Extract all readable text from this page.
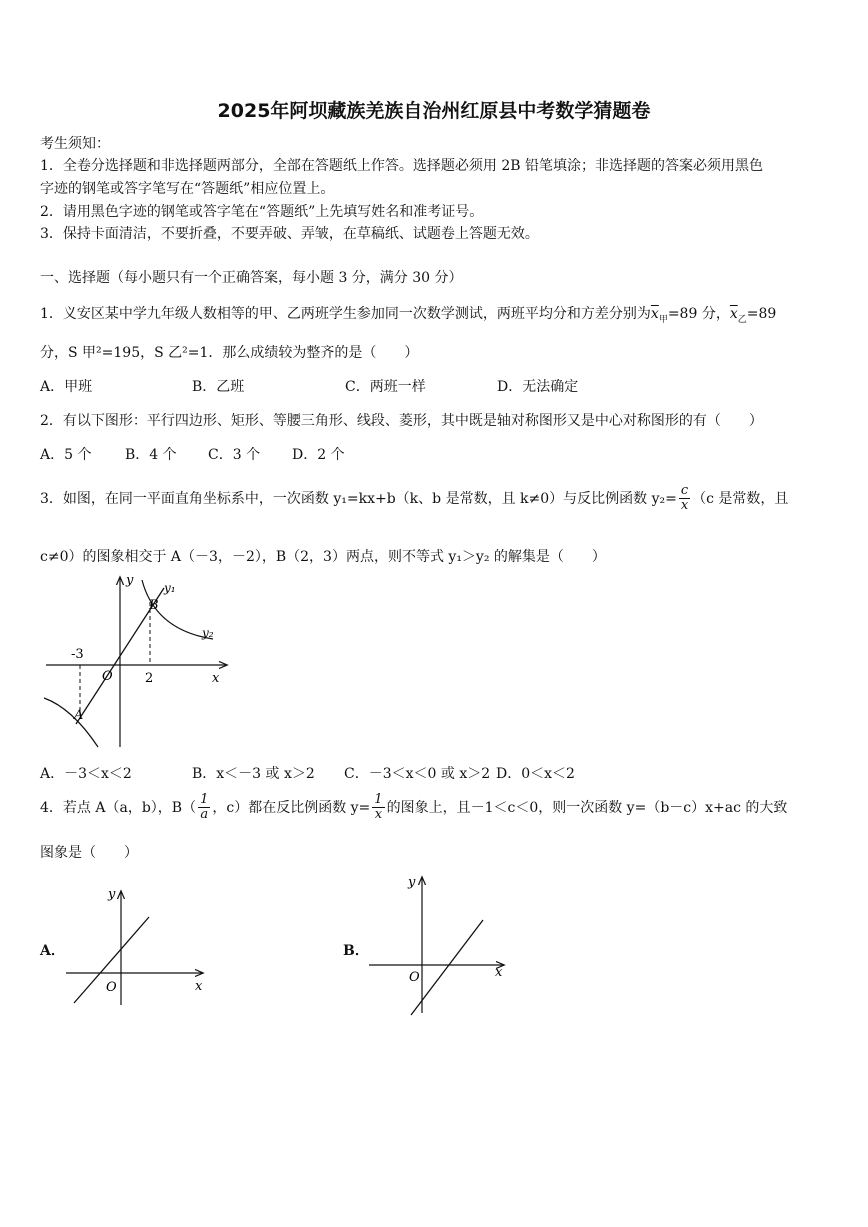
2025年阿坝藏族羌族自治州红原县中考数学猜题卷
考生须知：
1．全卷分选择题和非选择题两部分，全部在答题纸上作答。选择题必须用 2B 铅笔填涂；非选择题的答案必须用黑色
字迹的钢笔或答字笔写在“答题纸”相应位置上。
2．请用黑色字迹的钢笔或答字笔在“答题纸”上先填写姓名和准考证号。
3．保持卡面清洁，不要折叠，不要弄破、弄皱，在草稿纸、试题卷上答题无效。
一、选择题（每小题只有一个正确答案，每小题 3 分，满分 30 分）
1．义安区某中学九年级人数相等的甲、乙两班学生参加同一次数学测试，两班平均分和方差分别为$\overline{x}_甲=89$ 分，$\overline{x}_乙=89$
分，S 甲²=195，S 乙²=1．那么成绩较为整齐的是（　　）
A．甲班	B．乙班	C．两班一样	D．无法确定
2．有以下图形：平行四边形、矩形、等腰三角形、线段、菱形，其中既是轴对称图形又是中心对称图形的有（　　）
A．5 个 B．4 个 C．3 个 D．2 个
3．如图，在同一平面直角坐标系中，一次函数 y₁=kx+b（k、b 是常数，且 k≠0）与反比例函数 $y_2= \frac{c}{x} (c$ 是常数，且
c≠0）的图象相交于 A（－3，－2），B（2，3）两点，则不等式 y₁＞y₂ 的解集是（　　）
y
x
O
A
B
y₁
y₂
-3
2
A．－3＜x＜2	B．x＜－3 或 x＞2 C．－3＜x＜0 或 x＞2 D．0＜x＜2
4．若点 A（a，b），$B( \frac{1}{a}$ ，c）都在反比例函数 $y= \frac{1}{x}$ 的图象上，且－1＜c＜0，则一次函数 y=（b－c）x+ac 的大致
图象是（　　）
A．
y
x
O
B．
y
x
O
